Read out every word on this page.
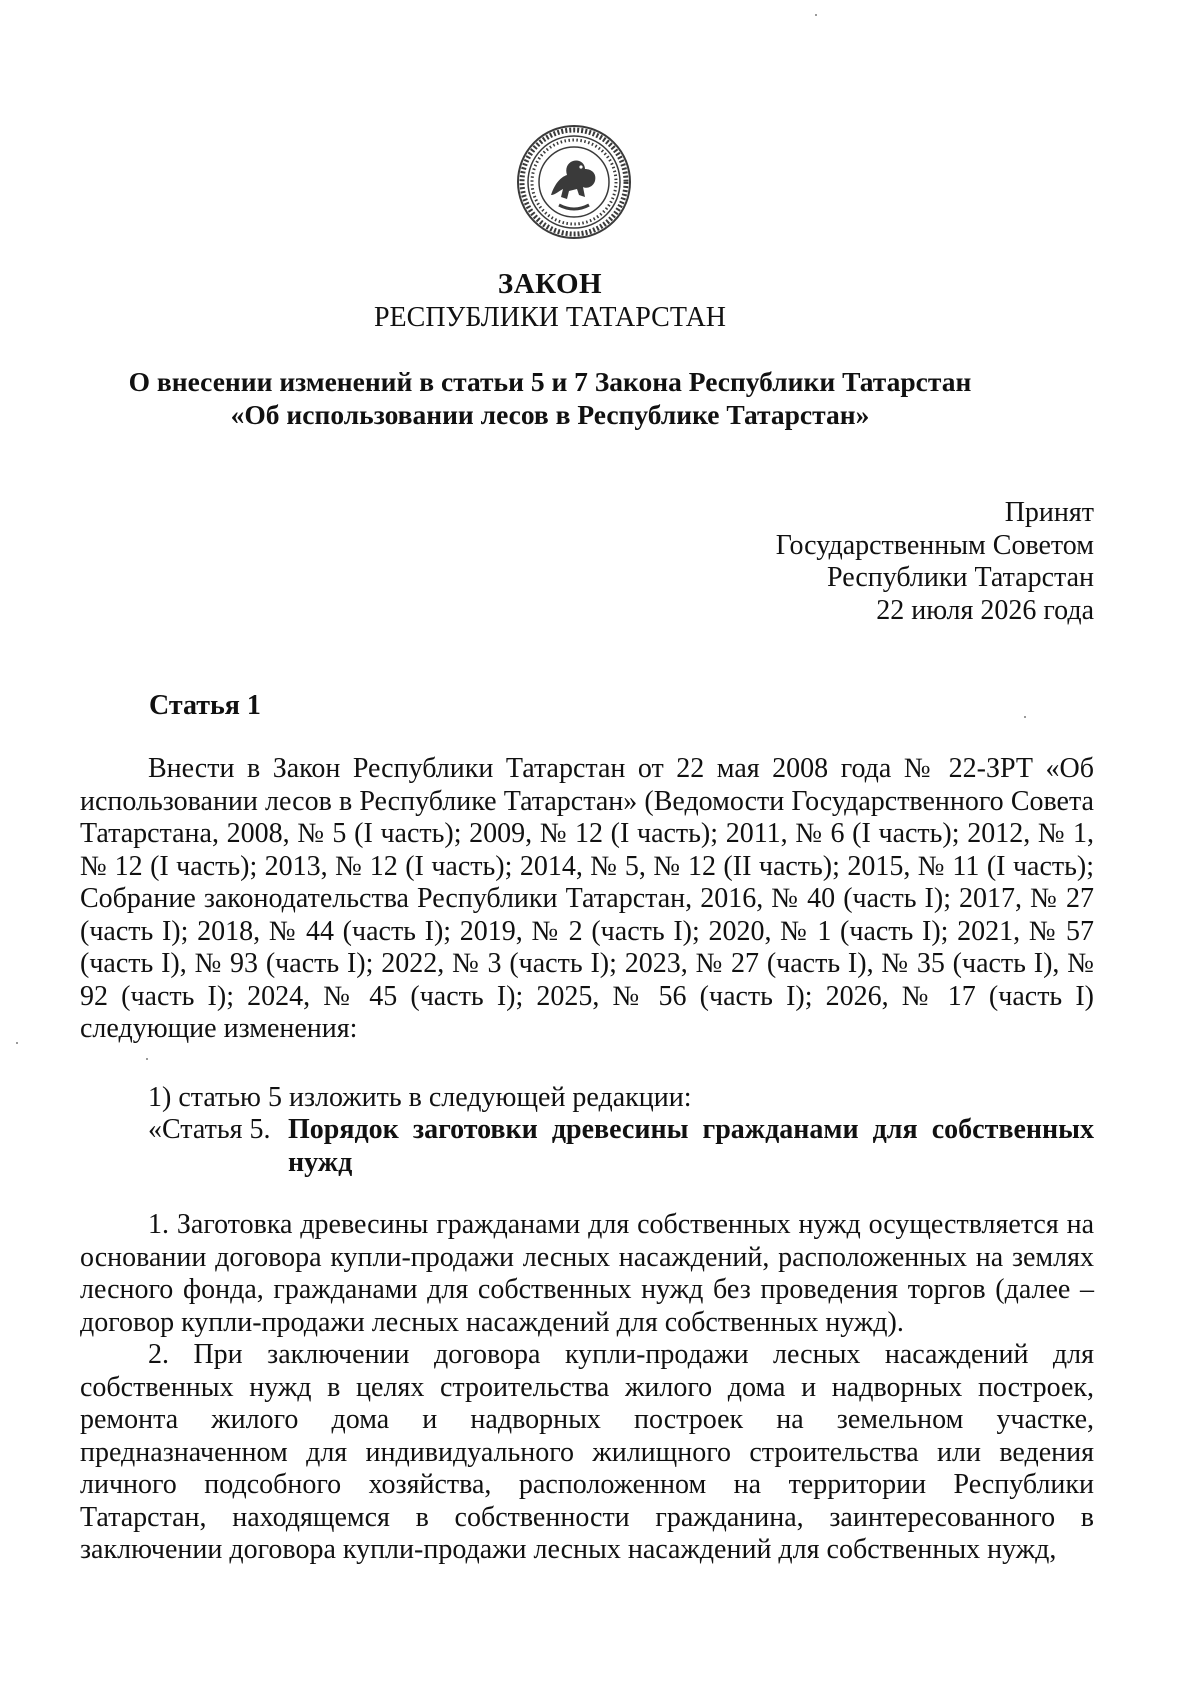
ЗАКОН
РЕСПУБЛИКИ ТАТАРСТАН
О внесении изменений в статьи 5 и 7 Закона Республики Татарстан
«Об использовании лесов в Республике Татарстан»
Принят
Государственным Советом
Республики Татарстан
22 июля 2026 года
Статья 1

Внести в Закон Республики Татарстан от 22 мая 2008 года № 22-ЗРТ «Об использовании лесов в Республике Татарстан» (Ведомости Государственного Совета Татарстана, 2008, № 5 (I часть); 2009, № 12 (I часть); 2011, № 6 (I часть); 2012, № 1, № 12 (I часть); 2013, № 12 (I часть); 2014, № 5, № 12 (II часть); 2015, № 11 (I часть); Собрание законодательства Республики Татарстан, 2016, № 40 (часть I); 2017, № 27 (часть I); 2018, № 44 (часть I); 2019, № 2 (часть I); 2020, № 1 (часть I); 2021, № 57 (часть I), № 93 (часть I); 2022, № 3 (часть I); 2023, № 27 (часть I), № 35 (часть I), № 92 (часть I); 2024, № 45 (часть I); 2025, № 56 (часть I); 2026, № 17 (часть I) следующие изменения:

1) статью 5 изложить в следующей редакции:
«Статья 5. Порядок заготовки древесины гражданами для собственных нужд

1. Заготовка древесины гражданами для собственных нужд осуществляется на основании договора купли-продажи лесных насаждений, расположенных на землях лесного фонда, гражданами для собственных нужд без проведения торгов (далее – договор купли-продажи лесных насаждений для собственных нужд).

2. При заключении договора купли-продажи лесных насаждений для собственных нужд в целях строительства жилого дома и надворных построек, ремонта жилого дома и надворных построек на земельном участке, предназначенном для индивидуального жилищного строительства или ведения личного подсобного хозяйства, расположенном на территории Республики Татарстан, находящемся в собственности гражданина, заинтересованного в заключении договора купли-продажи лесных насаждений для собственных нужд,
